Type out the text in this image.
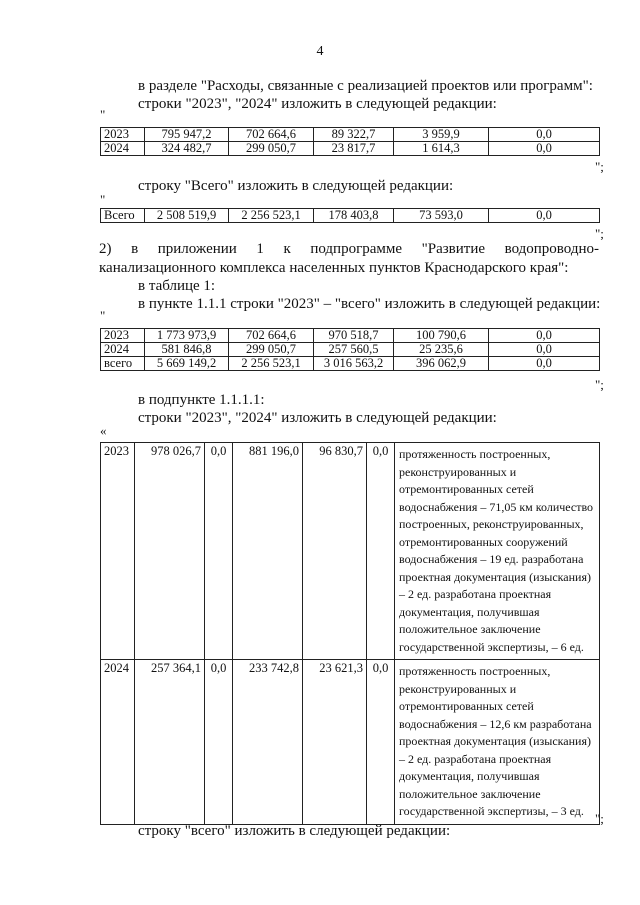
4
в разделе "Расходы, связанные с реализацией проектов или программ":
строки "2023", "2024" изложить в следующей редакции:
"
2023	795 947,2	702 664,6	89 322,7	3 959,9	0,0
2024	324 482,7	299 050,7	23 817,7	1 614,3	0,0
";
строку "Всего" изложить в следующей редакции:
"
Всего	2 508 519,9	2 256 523,1	178 403,8	73 593,0	0,0
";
2) в приложении 1 к подпрограмме "Развитие водопроводно-
канализационного комплекса населенных пунктов Краснодарского края":
в таблице 1:
в пункте 1.1.1 строки "2023" – "всего" изложить в следующей редакции:
"
2023	1 773 973,9	702 664,6	970 518,7	100 790,6	0,0
2024	581 846,8	299 050,7	257 560,5	25 235,6	0,0
всего	5 669 149,2	2 256 523,1	3 016 563,2	396 062,9	0,0
";
в подпункте 1.1.1.1:
строки "2023", "2024" изложить в следующей редакции:
«
2023	978 026,7	0,0	881 196,0	96 830,7	0,0	протяженность построенных, реконструированных и отремонтированных сетей водоснабжения – 71,05 км количество построенных, реконструированных, отремонтированных сооружений водоснабжения – 19 ед. разработана проектная документация (изыскания) – 2 ед. разработана проектная документация, получившая положительное заключение государственной экспертизы, – 6 ед.
2024	257 364,1	0,0	233 742,8	23 621,3	0,0	протяженность построенных, реконструированных и отремонтированных сетей водоснабжения – 12,6 км разработана проектная документация (изыскания) – 2 ед. разработана проектная документация, получившая положительное заключение государственной экспертизы, – 3 ед. ";
строку "всего" изложить в следующей редакции:
